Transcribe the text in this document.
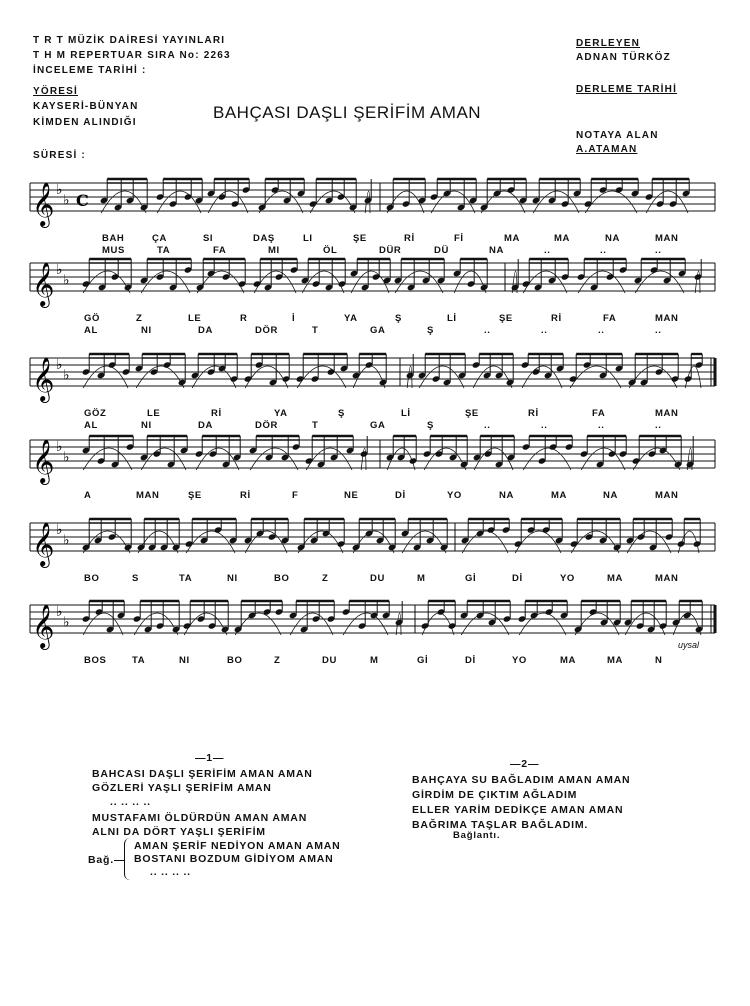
T R T MÜZİK DAİRESİ YAYINLARI
T H M REPERTUAR SIRA No: 2263
İNCELEME TARİHİ :
YÖRESİ
KAYSERİ-BÜNYAN
KİMDEN ALINDIĞI
SÜRESİ :
DERLEYEN
ADNAN TÜRKÖZ
DERLEME TARİHİ
NOTAYA ALAN
A.ATAMAN
BAHÇASI DAŞLI ŞERİFİM AMAN
𝄞 ♭
♭ C
BAH	ÇA	SI	DAŞ	LI	ŞE	Rİ	Fİ	MA	MA	NA	MAN
MUS	TA	FA	MI	ÖL	DÜR	DÜ	NA	..	..	..
𝄞 ♭
♭
GÖ	Z	LE	R	İ	YA	Ş	Lİ	ŞE	Rİ	FA	MAN
AL	NI	DA	DÖR	T	GA	Ş	..	..	..	..
𝄞 ♭
♭
GÖZ	LE	Rİ	YA	Ş	Lİ	ŞE	Rİ	FA	MAN
AL	NI	DA	DÖR	T	GA	Ş	..	..	..	..
𝄞 ♭
♭
A	MAN	ŞE	Rİ	F	NE	Dİ	YO	NA	MA	NA	MAN
𝄞 ♭
♭
BO	S	TA	NI	BO	Z	DU	M	Gİ	Dİ	YO	MA	MAN
𝄞 ♭
♭
BOS	TA	NI	BO	Z	DU	M	Gİ	Dİ	YO	MA	MA	N
uysal
—1—
BAHCASI DAŞLI ŞERİFİM AMAN AMAN
GÖZLERİ YAŞLI ŞERİFİM AMAN
.. .. .. ..
MUSTAFAMI ÖLDÜRDÜN AMAN AMAN
ALNI DA DÖRT YAŞLI ŞERİFİM
Bağ.—
AMAN ŞERİF NEDİYON AMAN AMAN
BOSTANI BOZDUM GİDİYOM AMAN
.. .. .. ..
—2—
BAHÇAYA SU BAĞLADIM AMAN AMAN
GİRDİM DE ÇIKTIM AĞLADIM
ELLER YARİM DEDİKÇE AMAN AMAN
BAĞRIMA TAŞLAR BAĞLADIM.
Bağlantı.
